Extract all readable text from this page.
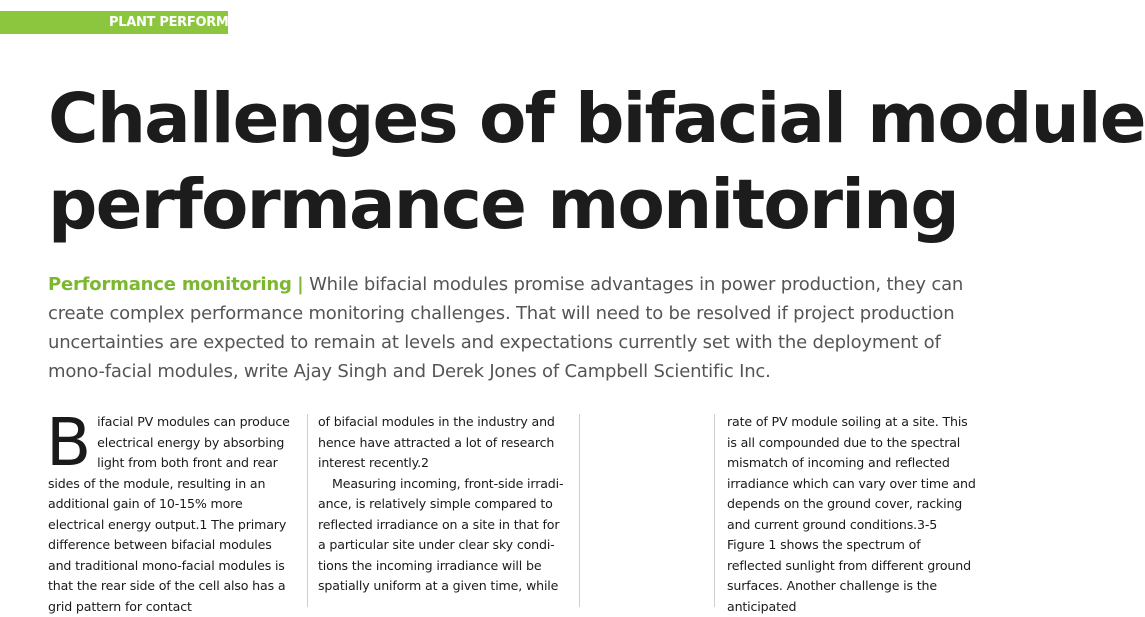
PLANT PERFORMANCE
Challenges of bifacial module
performance monitoring

Performance monitoring | While bifacial modules promise advantages in power production, they can create complex performance monitoring challenges. That will need to be resolved if project production uncertainties are expected to remain at levels and expectations currently set with the deployment of mono-facial modules, write Ajay Singh and Derek Jones of Campbell Scientific Inc.

Bifacial PV modules can produce electrical energy by absorbing light from both front and rear sides of the module, resulting in an additional gain of 10-15% more electrical energy output.1 The primary difference between bifacial modules and traditional mono-facial modules is that the rear side of the cell also has a grid pattern for contact

of bifacial modules in the industry and hence have attracted a lot of research interest recently.2

Measuring incoming, front-side irradi-ance, is relatively simple compared to reflected irradiance on a site in that for a particular site under clear sky condi-tions the incoming irradiance will be spatially uniform at a given time, while

rate of PV module soiling at a site. This is all compounded due to the spectral mismatch of incoming and reflected irradiance which can vary over time and depends on the ground cover, racking and current ground conditions.3-5 Figure 1 shows the spectrum of reflected sunlight from different ground surfaces. Another challenge is the anticipated
